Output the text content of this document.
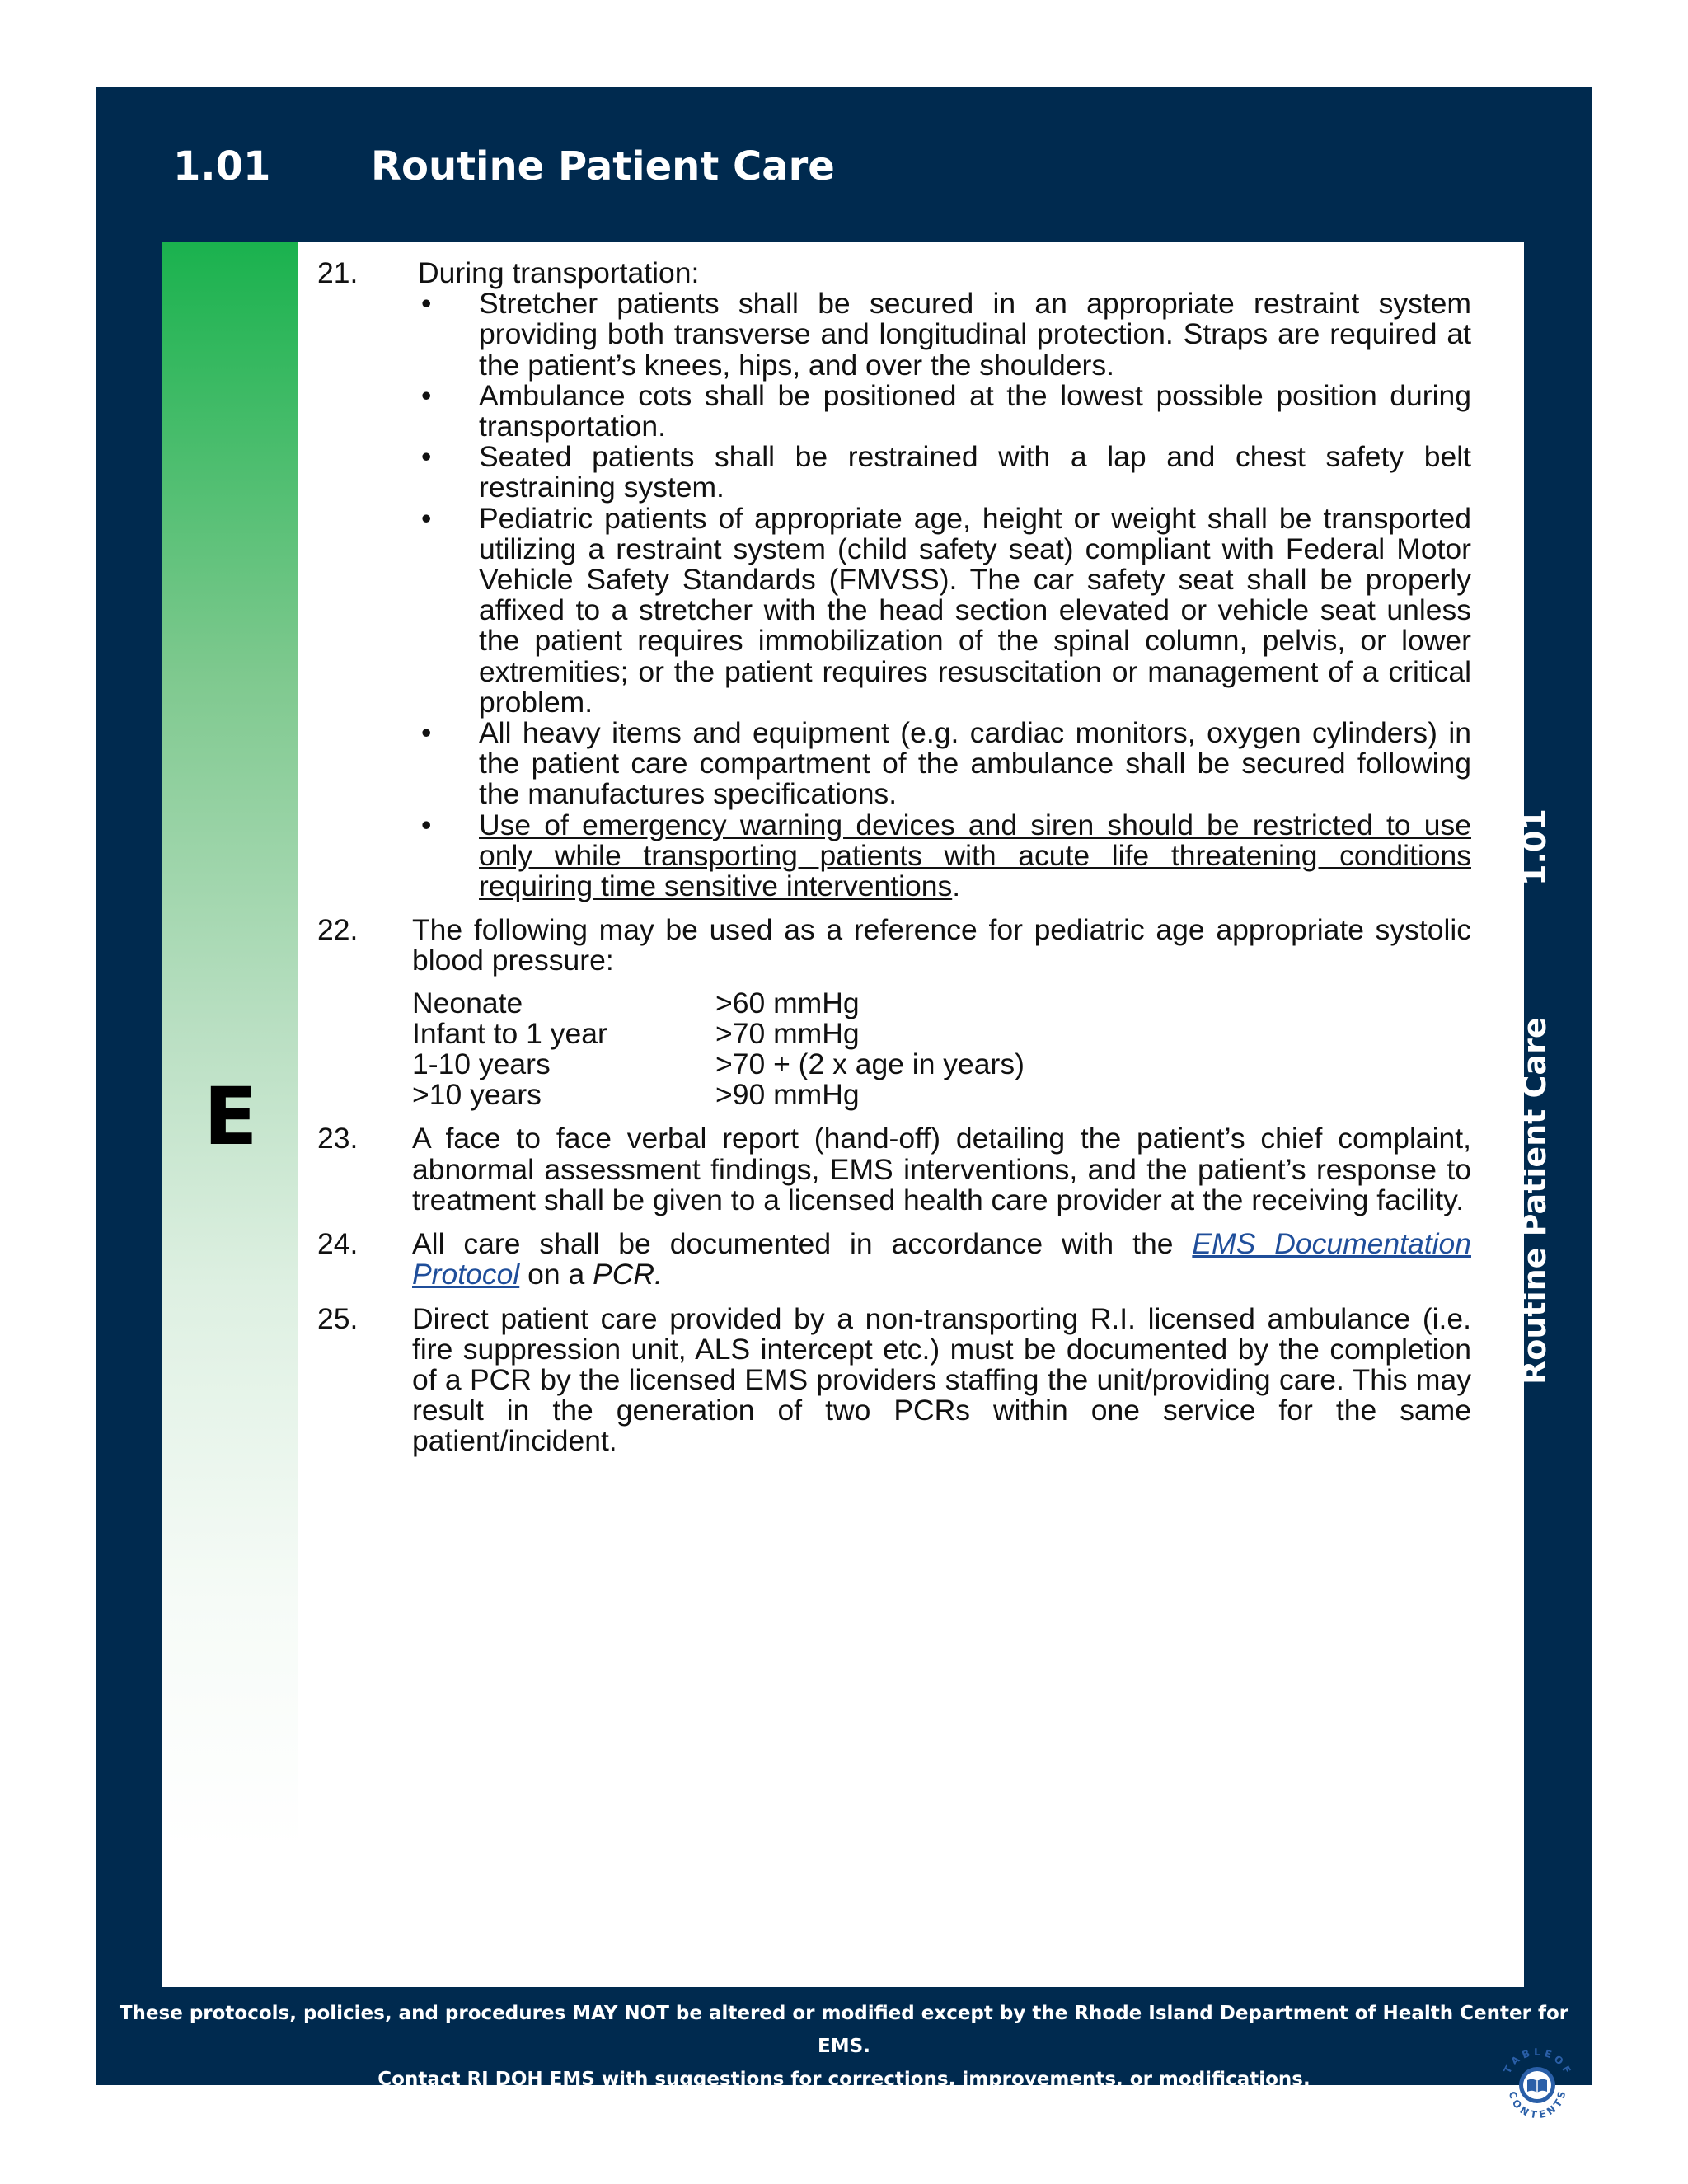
1.01	Routine Patient Care
E
T A B L E O F
C O N T E N T S
These protocols, policies, and procedures MAY NOT be altered or modified except by the Rhode Island Department of Health Center for EMS.
Contact RI DOH EMS with suggestions for corrections, improvements, or modifications.
Routine Patient Care
1.01
21. During transportation:
• Stretcher patients shall be secured in an appropriate restraint system providing both transverse and longitudinal protection. Straps are required at the patient’s knees, hips, and over the shoulders.
• Ambulance cots shall be positioned at the lowest possible position during transportation.
• Seated patients shall be restrained with a lap and chest safety belt restraining system.
• Pediatric patients of appropriate age, height or weight shall be transported utilizing a restraint system (child safety seat) compliant with Federal Motor Vehicle Safety Standards (FMVSS). The car safety seat shall be properly affixed to a stretcher with the head section elevated or vehicle seat unless the patient requires immobilization of the spinal column, pelvis, or lower extremities; or the patient requires resuscitation or management of a critical problem.
• All heavy items and equipment (e.g. cardiac monitors, oxygen cylinders) in the patient care compartment of the ambulance shall be secured following the manufactures specifications.
• Use of emergency warning devices and siren should be restricted to use only while transporting patients with acute life threatening conditions requiring time sensitive interventions.
22. The following may be used as a reference for pediatric age appropriate systolic blood pressure:
Neonate	>60 mmHg
Infant to 1 year	>70 mmHg
1-10 years	>70 + (2 x age in years)
>10 years	>90 mmHg
23. A face to face verbal report (hand-off) detailing the patient’s chief complaint, abnormal assessment findings, EMS interventions, and the patient’s response to treatment shall be given to a licensed health care provider at the receiving facility.
24. All care shall be documented in accordance with the EMS Documentation Protocol on a PCR.
25. Direct patient care provided by a non-transporting R.I. licensed ambulance (i.e. fire suppression unit, ALS intercept etc.) must be documented by the completion of a PCR by the licensed EMS providers staffing the unit/providing care. This may result in the generation of two PCRs within one service for the same patient/incident.
